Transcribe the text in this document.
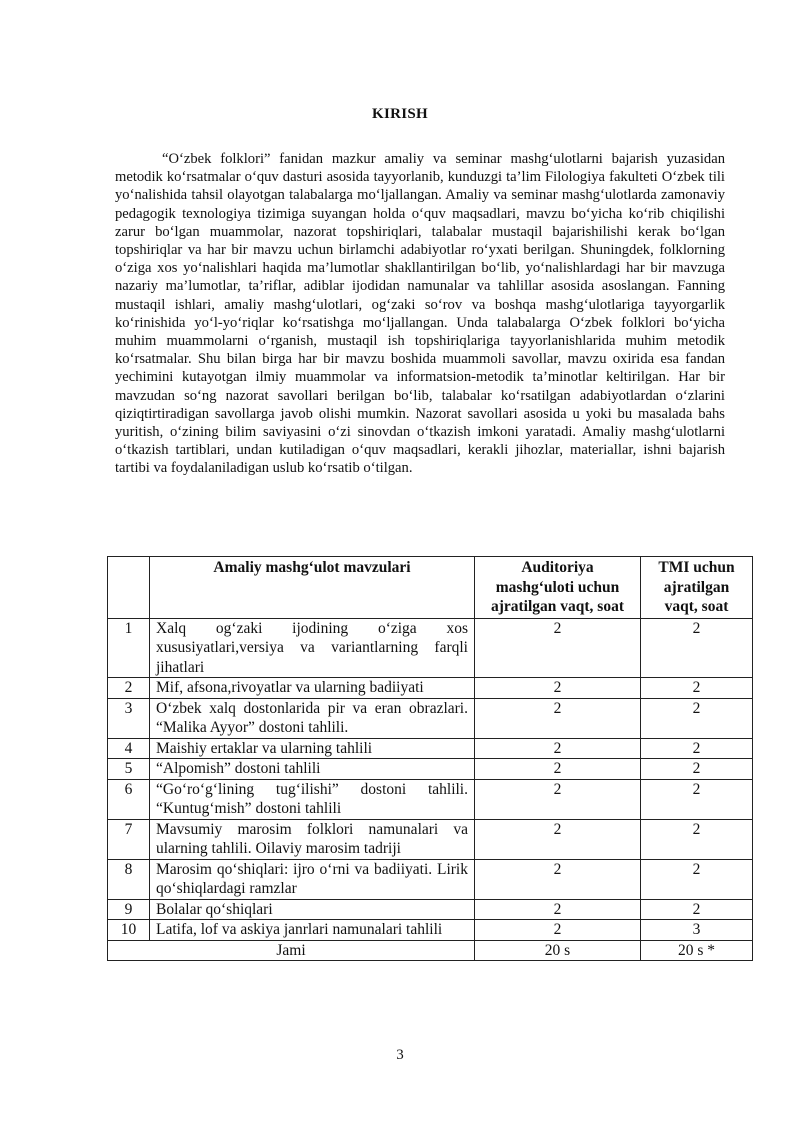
KIRISH

“O‘zbek folklori” fanidan mazkur amaliy va seminar mashg‘ulotlarni bajarish yuzasidan metodik ko‘rsatmalar o‘quv dasturi asosida tayyorlanib, kunduzgi ta’lim Filologiya fakulteti O‘zbek tili yo‘nalishida tahsil olayotgan talabalarga mo‘ljallangan. Amaliy va seminar mashg‘ulotlarda zamonaviy pedagogik texnologiya tizimiga suyangan holda o‘quv maqsadlari, mavzu bo‘yicha ko‘rib chiqilishi zarur bo‘lgan muammolar, nazorat topshiriqlari, talabalar mustaqil bajarishilishi kerak bo‘lgan topshiriqlar va har bir mavzu uchun birlamchi adabiyotlar ro‘yxati berilgan. Shuningdek, folklorning o‘ziga xos yo‘nalishlari haqida ma’lumotlar shakllantirilgan bo‘lib, yo‘nalishlardagi har bir mavzuga nazariy ma’lumotlar, ta’riflar, adiblar ijodidan namunalar va tahlillar asosida asoslangan. Fanning mustaqil ishlari, amaliy mashg‘ulotlari, og‘zaki so‘rov va boshqa mashg‘ulotlariga tayyorgarlik ko‘rinishida yo‘l-yo‘riqlar ko‘rsatishga mo‘ljallangan. Unda talabalarga O‘zbek folklori bo‘yicha muhim muammolarni o‘rganish, mustaqil ish topshiriqlariga tayyorlanishlarida muhim metodik ko‘rsatmalar. Shu bilan birga har bir mavzu boshida muammoli savollar, mavzu oxirida esa fandan yechimini kutayotgan ilmiy muammolar va informatsion-metodik ta’minotlar keltirilgan. Har bir mavzudan so‘ng nazorat savollari berilgan bo‘lib, talabalar ko‘rsatilgan adabiyotlardan o‘zlarini qiziqtirtiradigan savollarga javob olishi mumkin. Nazorat savollari asosida u yoki bu masalada bahs yuritish, o‘zining bilim saviyasini o‘zi sinovdan o‘tkazish imkoni yaratadi. Amaliy mashg‘ulotlarni o‘tkazish tartiblari, undan kutiladigan o‘quv maqsadlari, kerakli jihozlar, materiallar, ishni bajarish tartibi va foydalaniladigan uslub ko‘rsatib o‘tilgan.

	Amaliy mashg‘ulot mavzulari	Auditoriya mashg‘uloti uchun ajratilgan vaqt, soat	TMI uchun ajratilgan vaqt, soat
1	Xalq og‘zaki ijodining o‘ziga xos xususiyatlari,versiya va variantlarning farqli jihatlari	2	2
2	Mif, afsona,rivoyatlar va ularning badiiyati	2	2
3	O‘zbek xalq dostonlarida pir va eran obrazlari. “Malika Ayyor” dostoni tahlili.	2	2
4	Maishiy ertaklar va ularning tahlili	2	2
5	“Alpomish” dostoni tahlili	2	2
6	“Go‘ro‘g‘lining tug‘ilishi” dostoni tahlili. “Kuntug‘mish” dostoni tahlili	2	2
7	Mavsumiy marosim folklori namunalari va ularning tahlili. Oilaviy marosim tadriji	2	2
8	Marosim qo‘shiqlari: ijro o‘rni va badiiyati. Lirik qo‘shiqlardagi ramzlar	2	2
9	Bolalar qo‘shiqlari	2	2
10	Latifa, lof va askiya janrlari namunalari tahlili	2	3
Jami		20 s	20 s *
3
